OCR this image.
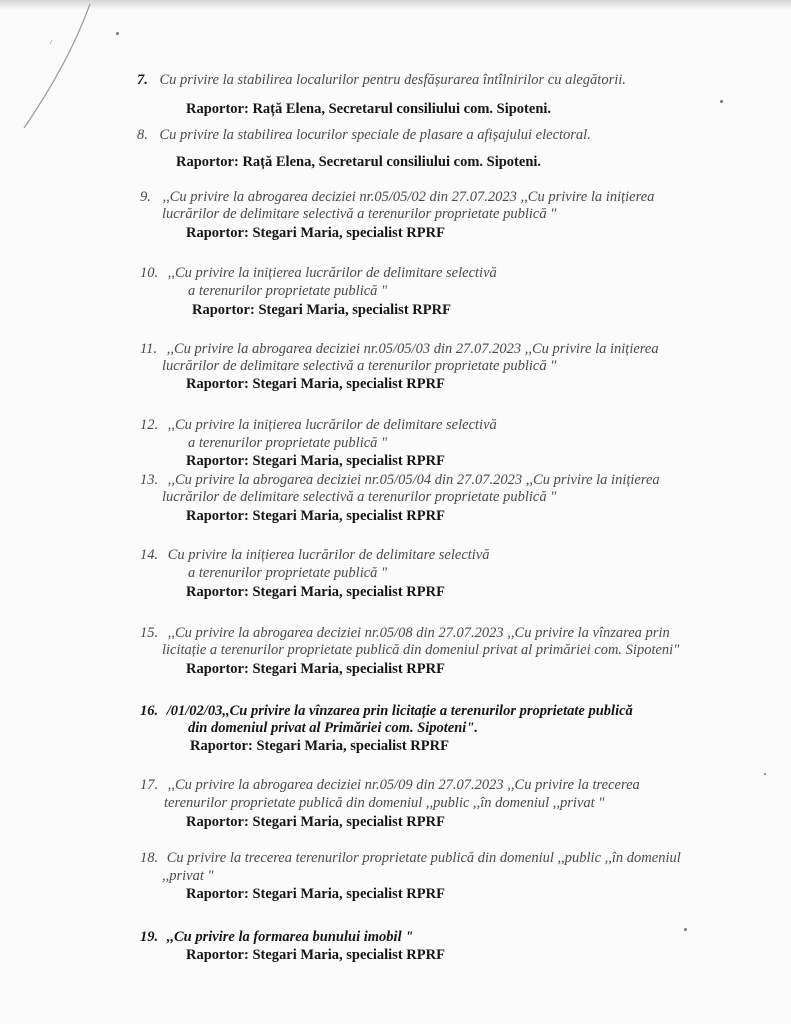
7. Cu privire la stabilirea localurilor pentru desfășurarea întîlnirilor cu alegătorii.
Raportor: Rață Elena, Secretarul consiliului com. Sipoteni.
8. Cu privire la stabilirea locurilor speciale de plasare a afișajului electoral.
Raportor: Rață Elena, Secretarul consiliului com. Sipoteni.
9. ,,Cu privire la abrogarea deciziei nr.05/05/02 din 27.07.2023 ,,Cu privire la inițierea
lucrărilor de delimitare selectivă a terenurilor proprietate publică "
Raportor: Stegari Maria, specialist RPRF
10. ,,Cu privire la inițierea lucrărilor de delimitare selectivă
a terenurilor proprietate publică "
Raportor: Stegari Maria, specialist RPRF
11. ,,Cu privire la abrogarea deciziei nr.05/05/03 din 27.07.2023 ,,Cu privire la inițierea
lucrărilor de delimitare selectivă a terenurilor proprietate publică "
Raportor: Stegari Maria, specialist RPRF
12. ,,Cu privire la inițierea lucrărilor de delimitare selectivă
a terenurilor proprietate publică "
Raportor: Stegari Maria, specialist RPRF
13. ,,Cu privire la abrogarea deciziei nr.05/05/04 din 27.07.2023 ,,Cu privire la inițierea
lucrărilor de delimitare selectivă a terenurilor proprietate publică "
Raportor: Stegari Maria, specialist RPRF
14. Cu privire la inițierea lucrărilor de delimitare selectivă
a terenurilor proprietate publică "
Raportor: Stegari Maria, specialist RPRF
15. ,,Cu privire la abrogarea deciziei nr.05/08 din 27.07.2023 ,,Cu privire la vînzarea prin
licitație a terenurilor proprietate publică din domeniul privat al primăriei com. Sipoteni"
Raportor: Stegari Maria, specialist RPRF
16. /01/02/03,,Cu privire la vînzarea prin licitație a terenurilor proprietate publică
din domeniul privat al Primăriei com. Sipoteni".
Raportor: Stegari Maria, specialist RPRF
17. ,,Cu privire la abrogarea deciziei nr.05/09 din 27.07.2023 ,,Cu privire la trecerea
terenurilor proprietate publică din domeniul ,,public ,,în domeniul ,,privat "
Raportor: Stegari Maria, specialist RPRF
18. Cu privire la trecerea terenurilor proprietate publică din domeniul ,,public ,,în domeniul
,,privat "
Raportor: Stegari Maria, specialist RPRF
19. ,,Cu privire la formarea bunului imobil "
Raportor: Stegari Maria, specialist RPRF
